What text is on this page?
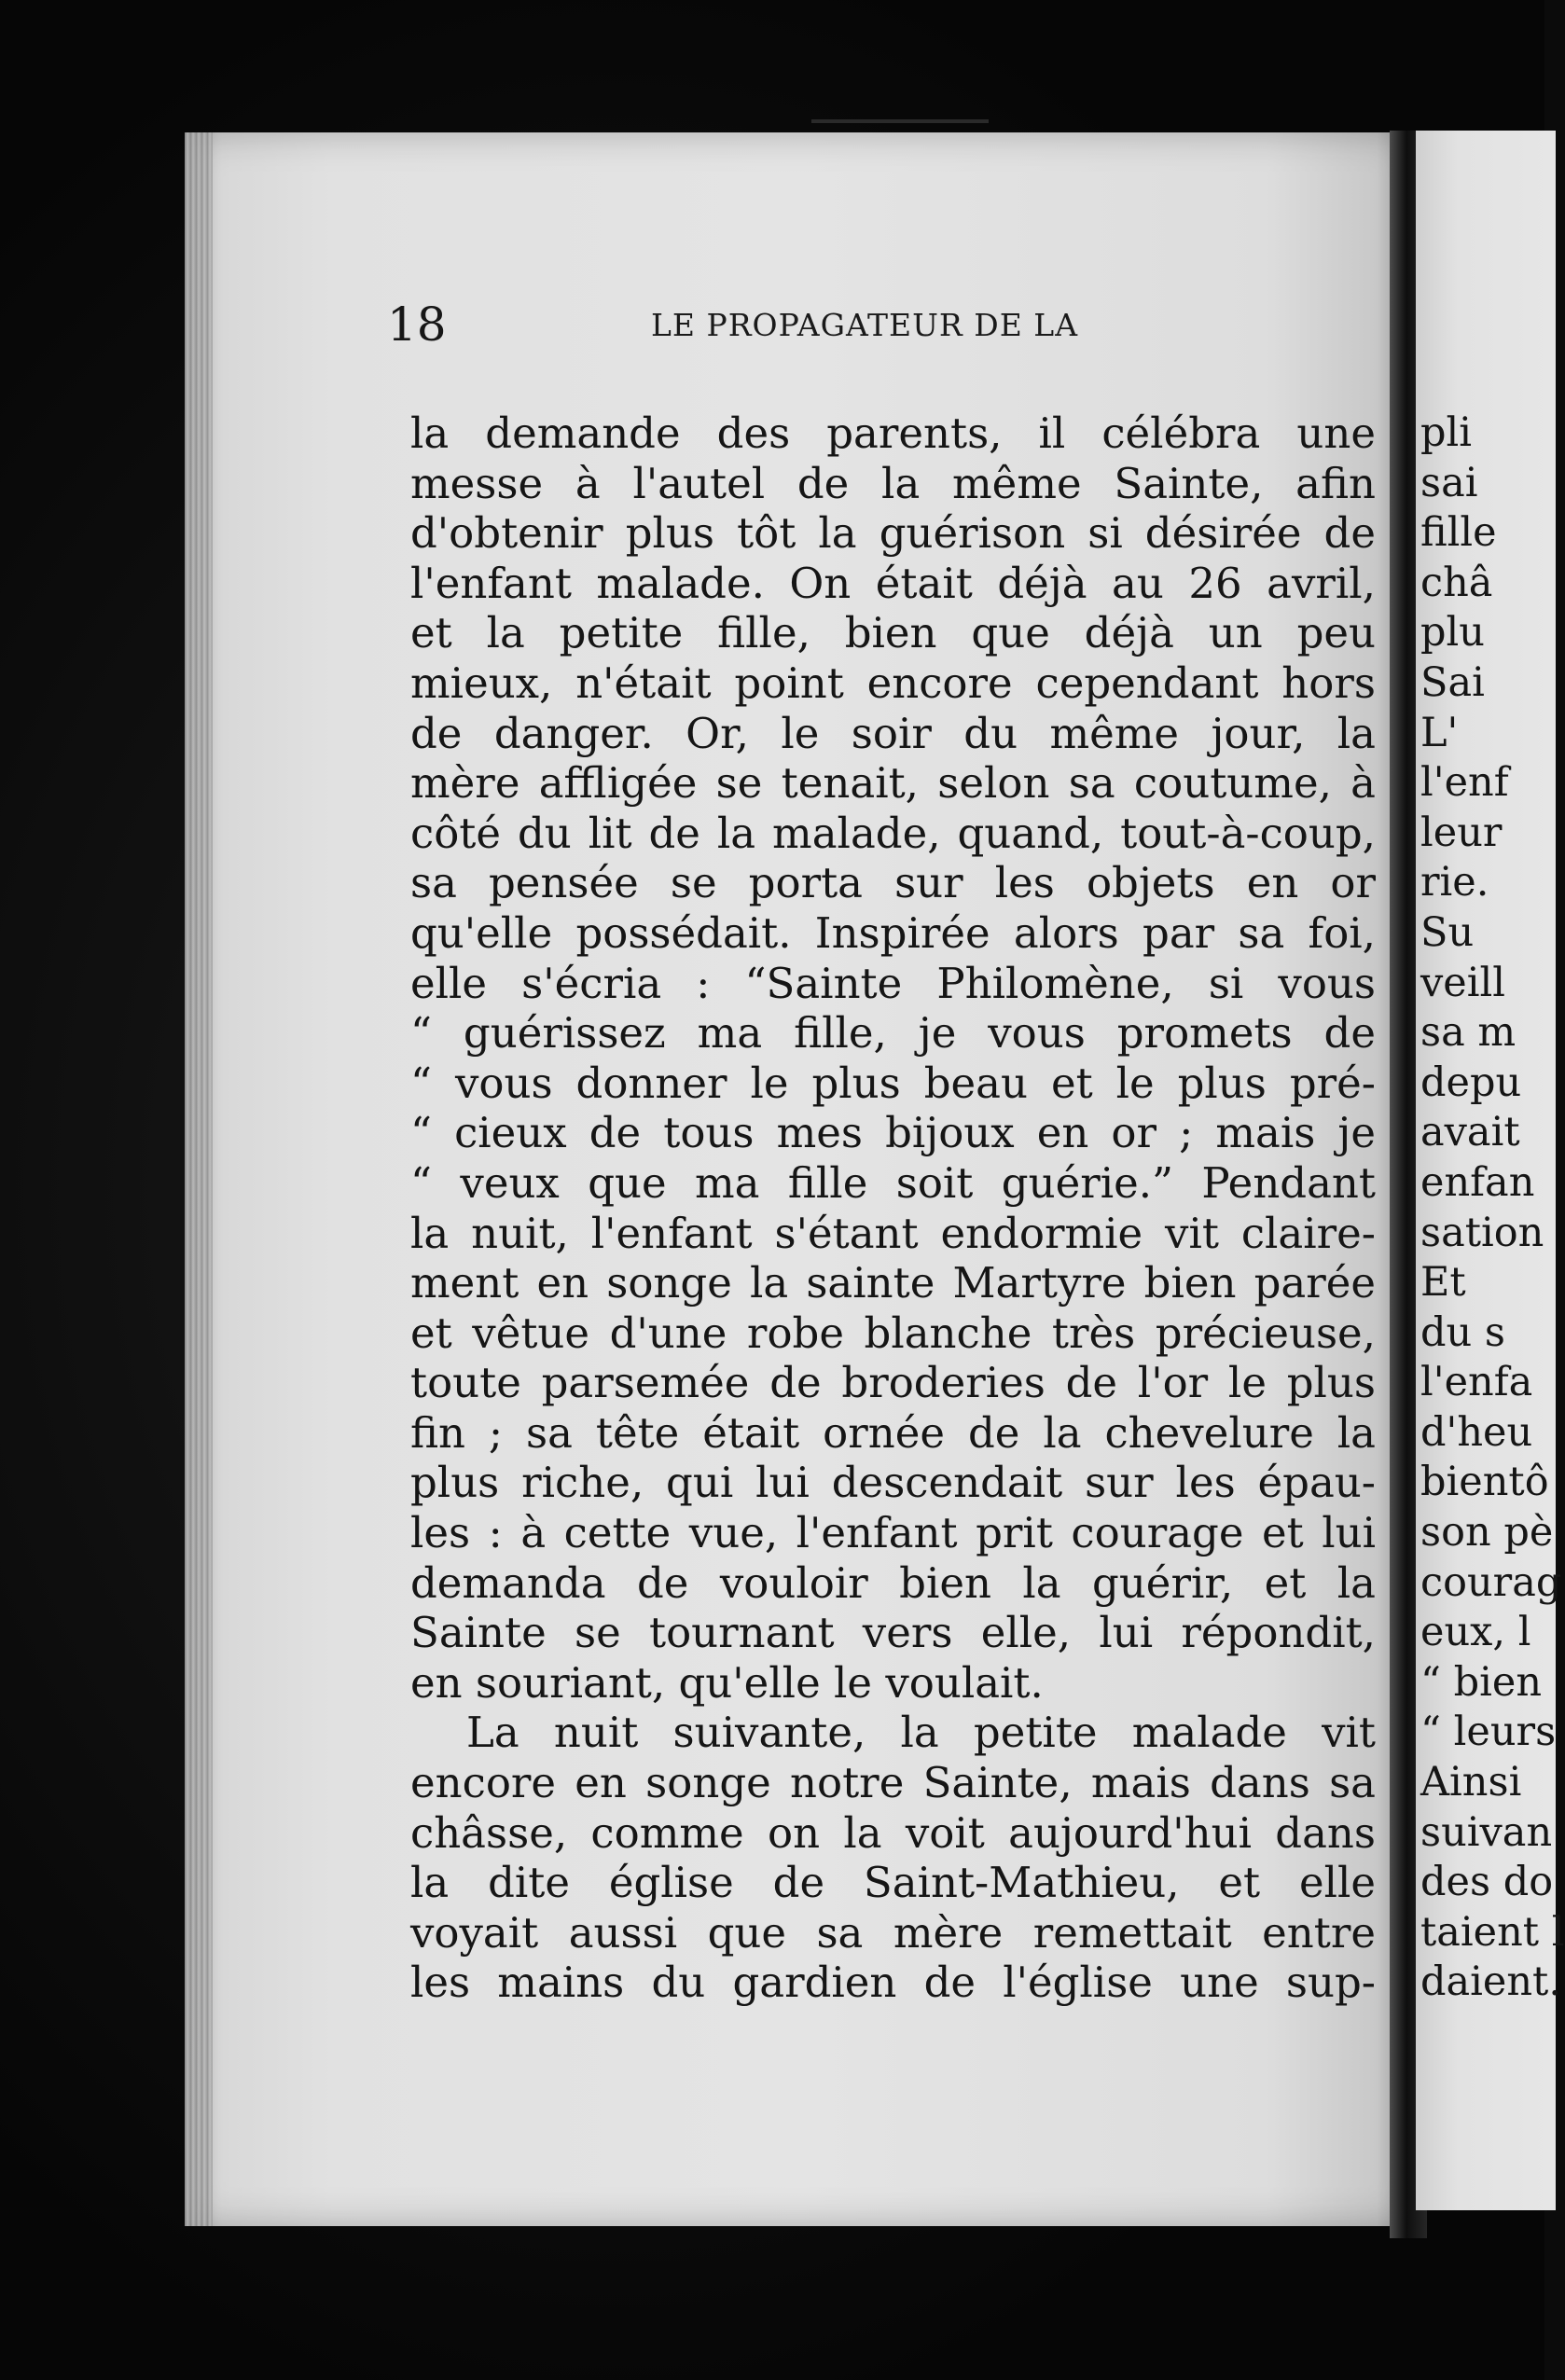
18	LE PROPAGATEUR DE LA
la demande des parents, il célébra une
messe à l'autel de la même Sainte, afin
d'obtenir plus tôt la guérison si désirée de
l'enfant malade. On était déjà au 26 avril,
et la petite fille, bien que déjà un peu
mieux, n'était point encore cependant hors
de danger. Or, le soir du même jour, la
mère affligée se tenait, selon sa coutume, à
côté du lit de la malade, quand, tout-à-coup,
sa pensée se porta sur les objets en or
qu'elle possédait. Inspirée alors par sa foi,
elle s'écria : “Sainte Philomène, si vous
“ guérissez ma fille, je vous promets de
“ vous donner le plus beau et le plus pré-
“ cieux de tous mes bijoux en or ; mais je
“ veux que ma fille soit guérie.” Pendant
la nuit, l'enfant s'étant endormie vit claire-
ment en songe la sainte Martyre bien parée
et vêtue d'une robe blanche très précieuse,
toute parsemée de broderies de l'or le plus
fin ; sa tête était ornée de la chevelure la
plus riche, qui lui descendait sur les épau-
les : à cette vue, l'enfant prit courage et lui
demanda de vouloir bien la guérir, et la
Sainte se tournant vers elle, lui répondit,
en souriant, qu'elle le voulait.
La nuit suivante, la petite malade vit
encore en songe notre Sainte, mais dans sa
châsse, comme on la voit aujourd'hui dans
la dite église de Saint-Mathieu, et elle
voyait aussi que sa mère remettait entre
les mains du gardien de l'église une sup-
pli
sai
fille
châ
plu
Sai
L'
l'enf
leur
rie.
Su
veill
sa m
depu
avait
enfan
sation
Et
du s
l'enfa
d'heu
bientô
son pè
courag
eux, l
“ bien
“ leurs
Ainsi
suivan
des do
taient l
daient.
